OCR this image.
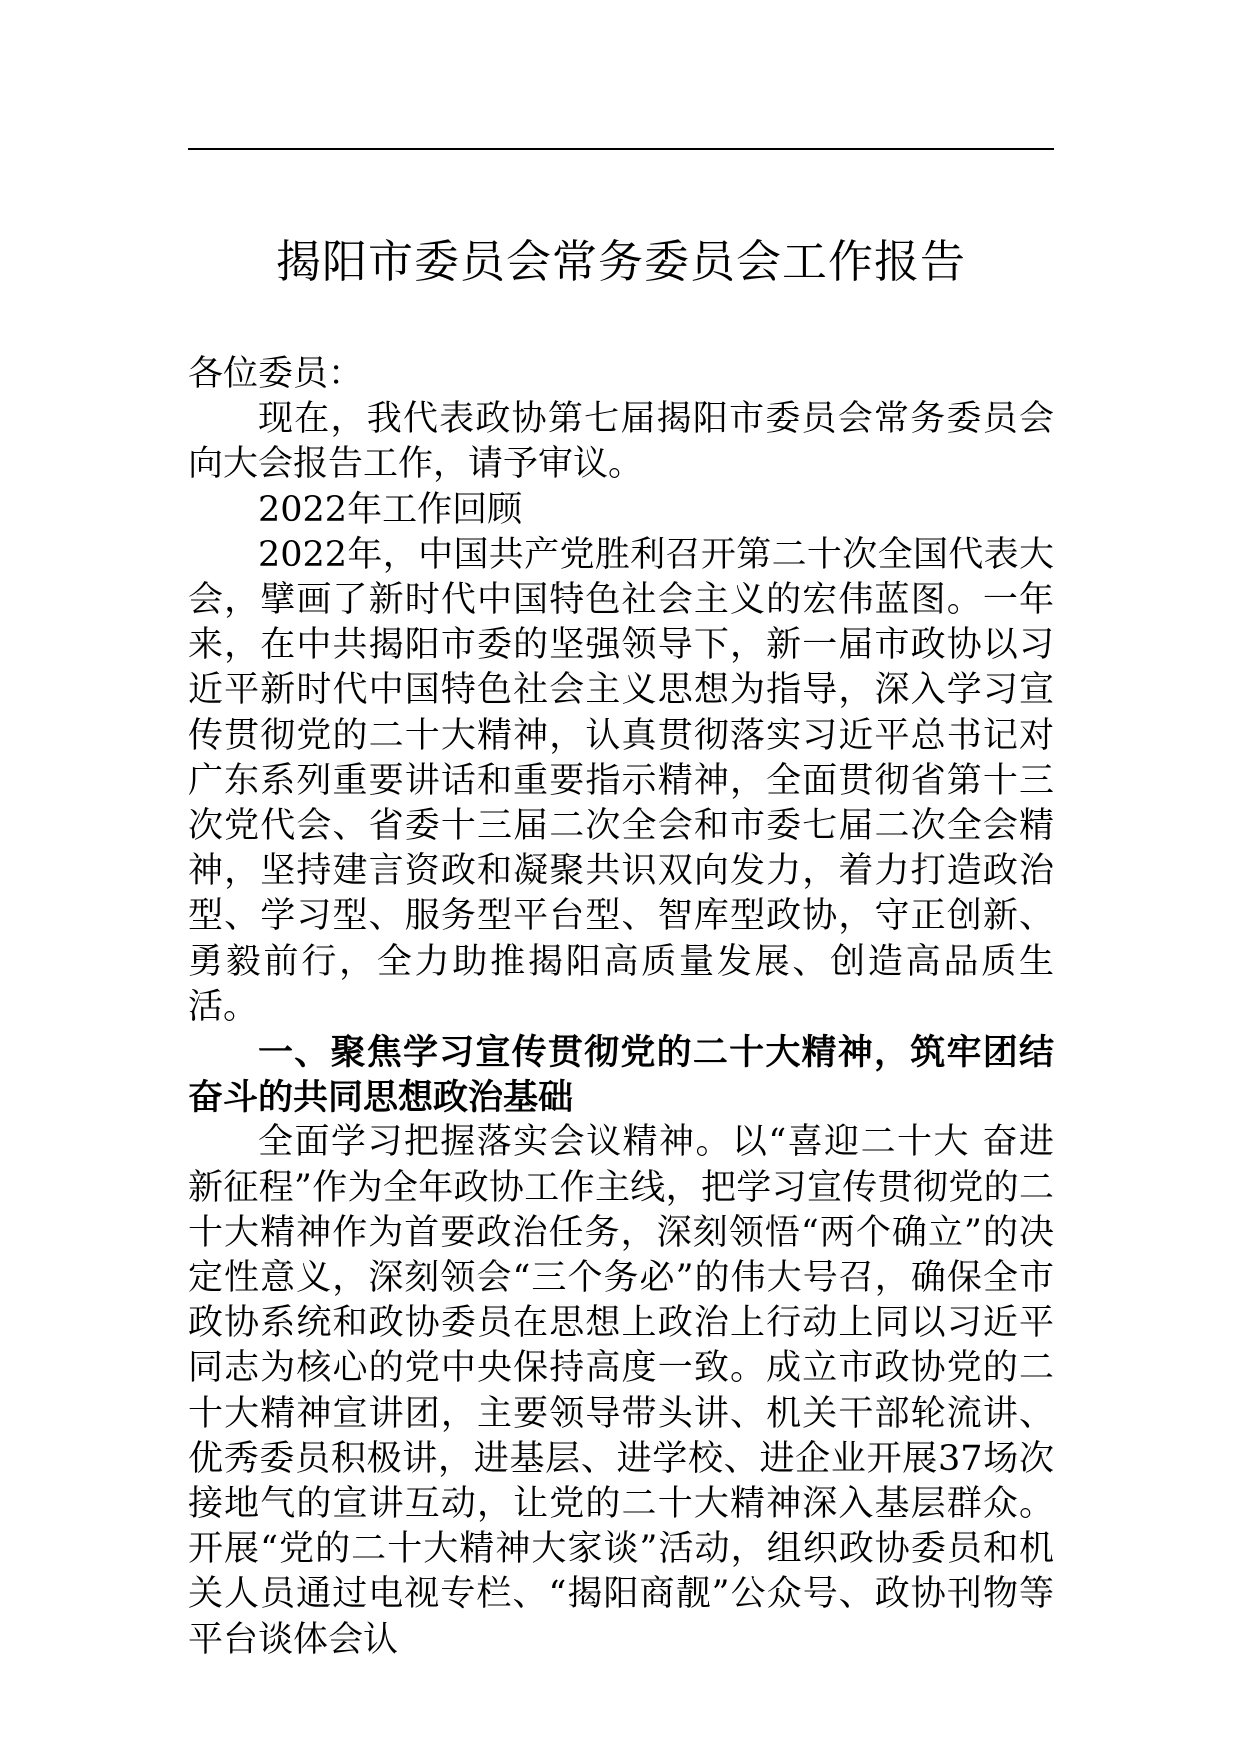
揭阳市委员会常务委员会工作报告

各位委员：

现在，我代表政协第七届揭阳市委员会常务委员会向大会报告工作，请予审议。

2022年工作回顾

2022年，中国共产党胜利召开第二十次全国代表大会，擘画了新时代中国特色社会主义的宏伟蓝图。一年来，在中共揭阳市委的坚强领导下，新一届市政协以习近平新时代中国特色社会主义思想为指导，深入学习宣传贯彻党的二十大精神，认真贯彻落实习近平总书记对广东系列重要讲话和重要指示精神，全面贯彻省第十三次党代会、省委十三届二次全会和市委七届二次全会精神，坚持建言资政和凝聚共识双向发力，着力打造政治型、学习型、服务型平台型、智库型政协，守正创新、勇毅前行，全力助推揭阳高质量发展、创造高品质生活。

一、聚焦学习宣传贯彻党的二十大精神，筑牢团结奋斗的共同思想政治基础

全面学习把握落实会议精神。以“喜迎二十大 奋进新征程”作为全年政协工作主线，把学习宣传贯彻党的二十大精神作为首要政治任务，深刻领悟“两个确立”的决定性意义，深刻领会“三个务必”的伟大号召，确保全市政协系统和政协委员在思想上政治上行动上同以习近平同志为核心的党中央保持高度一致。成立市政协党的二十大精神宣讲团，主要领导带头讲、机关干部轮流讲、优秀委员积极讲，进基层、进学校、进企业开展37场次接地气的宣讲互动，让党的二十大精神深入基层群众。开展“党的二十大精神大家谈”活动，组织政协委员和机关人员通过电视专栏、“揭阳商靓”公众号、政协刊物等平台谈体会认
